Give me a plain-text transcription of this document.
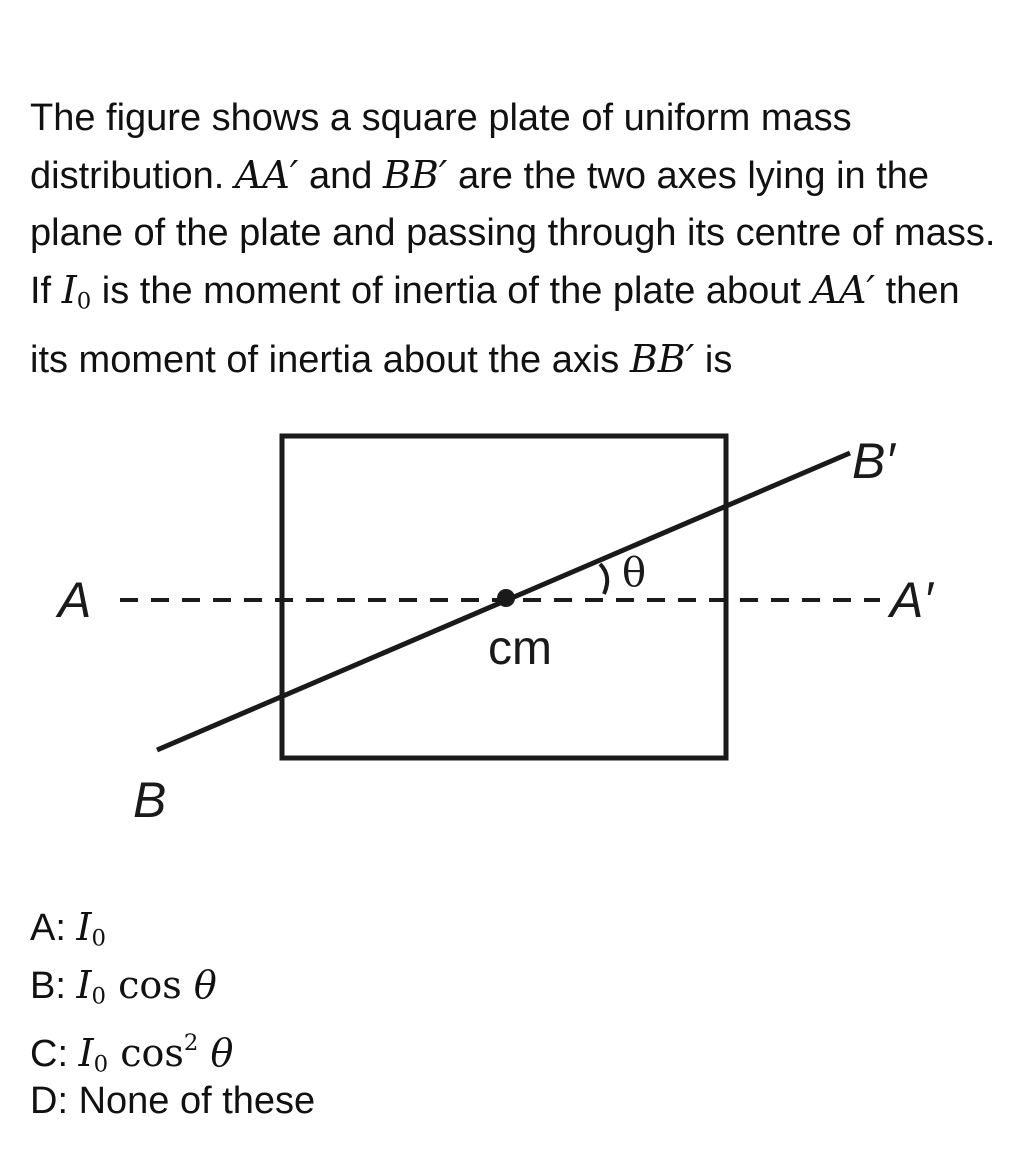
The figure shows a square plate of uniform mass distribution. AA′ and BB′ are the two axes lying in the plane of the plate and passing through its centre of mass. If $I_0$ is the moment of inertia of the plate about AA′ then its moment of inertia about the axis BB′ is
A	A′
B′
B
cm
θ
A: $I_0$
B: $I_0$ cos θ
C: $I_0$ $\cos^2 \theta$
D: None of these
